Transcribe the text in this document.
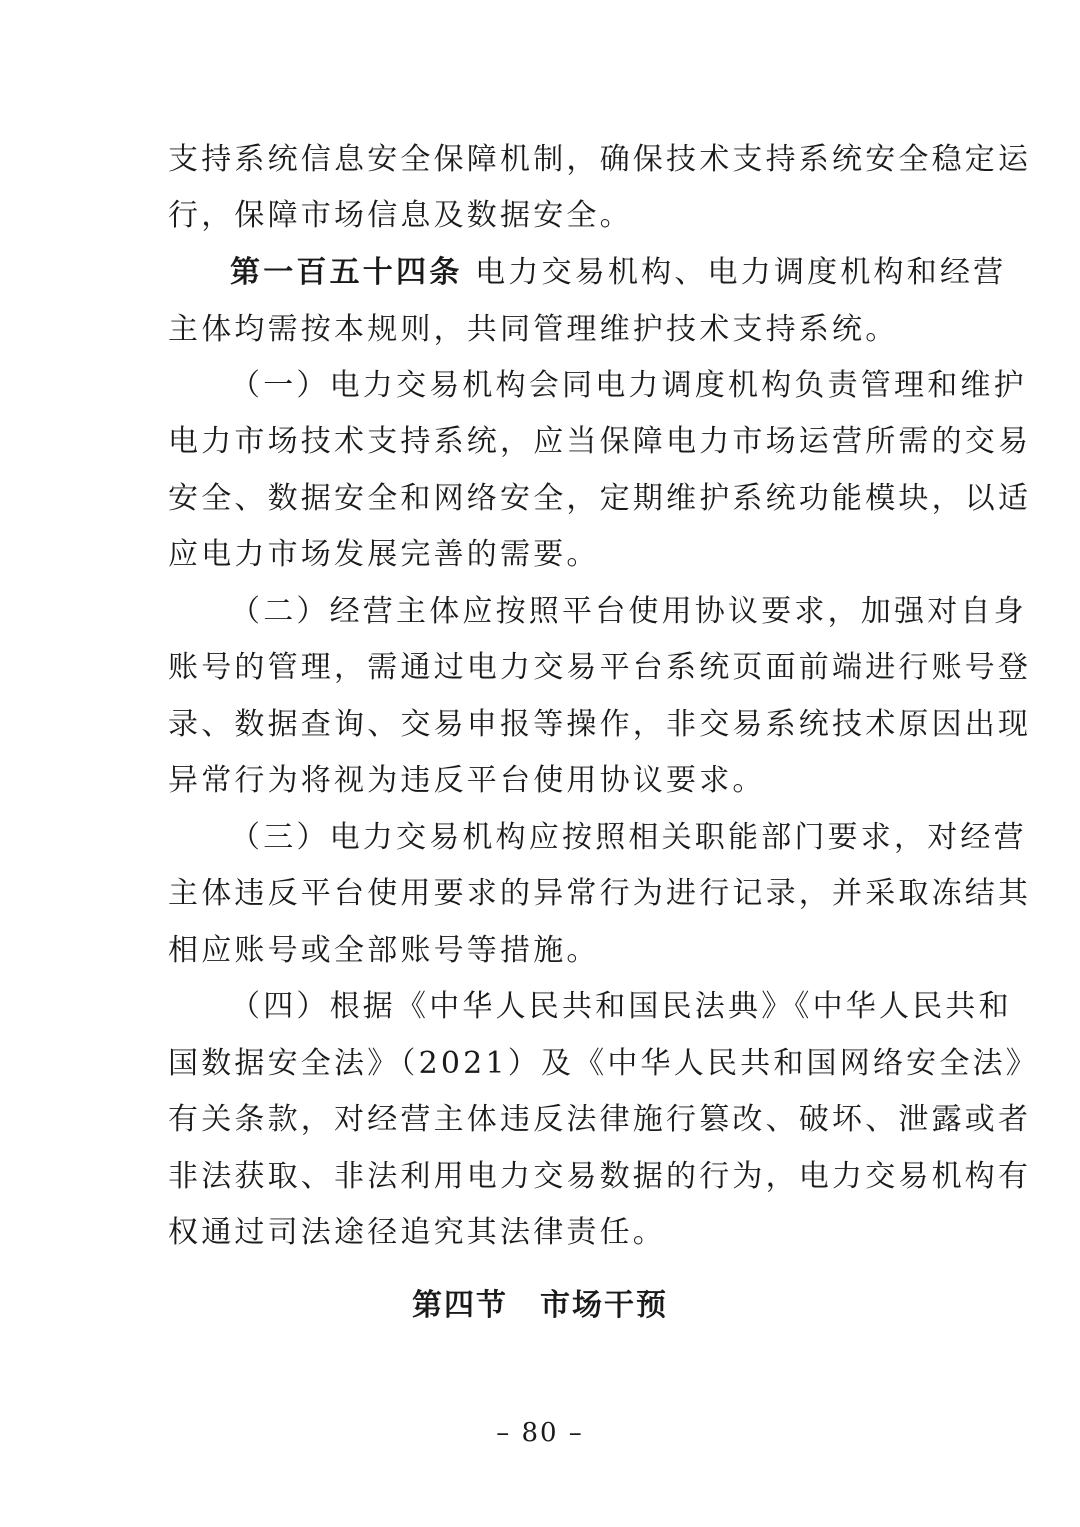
支持系统信息安全保障机制，确保技术支持系统安全稳定运
行，保障市场信息及数据安全。
第一百五十四条 电力交易机构、电力调度机构和经营
主体均需按本规则，共同管理维护技术支持系统。
（一）电力交易机构会同电力调度机构负责管理和维护
电力市场技术支持系统，应当保障电力市场运营所需的交易
安全、数据安全和网络安全，定期维护系统功能模块，以适
应电力市场发展完善的需要。
（二）经营主体应按照平台使用协议要求，加强对自身
账号的管理，需通过电力交易平台系统页面前端进行账号登
录、数据查询、交易申报等操作，非交易系统技术原因出现
异常行为将视为违反平台使用协议要求。
（三）电力交易机构应按照相关职能部门要求，对经营
主体违反平台使用要求的异常行为进行记录，并采取冻结其
相应账号或全部账号等措施。
（四）根据《中华人民共和国民法典》《中华人民共和
国数据安全法》（2021）及《中华人民共和国网络安全法》
有关条款，对经营主体违反法律施行篡改、破坏、泄露或者
非法获取、非法利用电力交易数据的行为，电力交易机构有
权通过司法途径追究其法律责任。
第四节　市场干预
– 80 –
